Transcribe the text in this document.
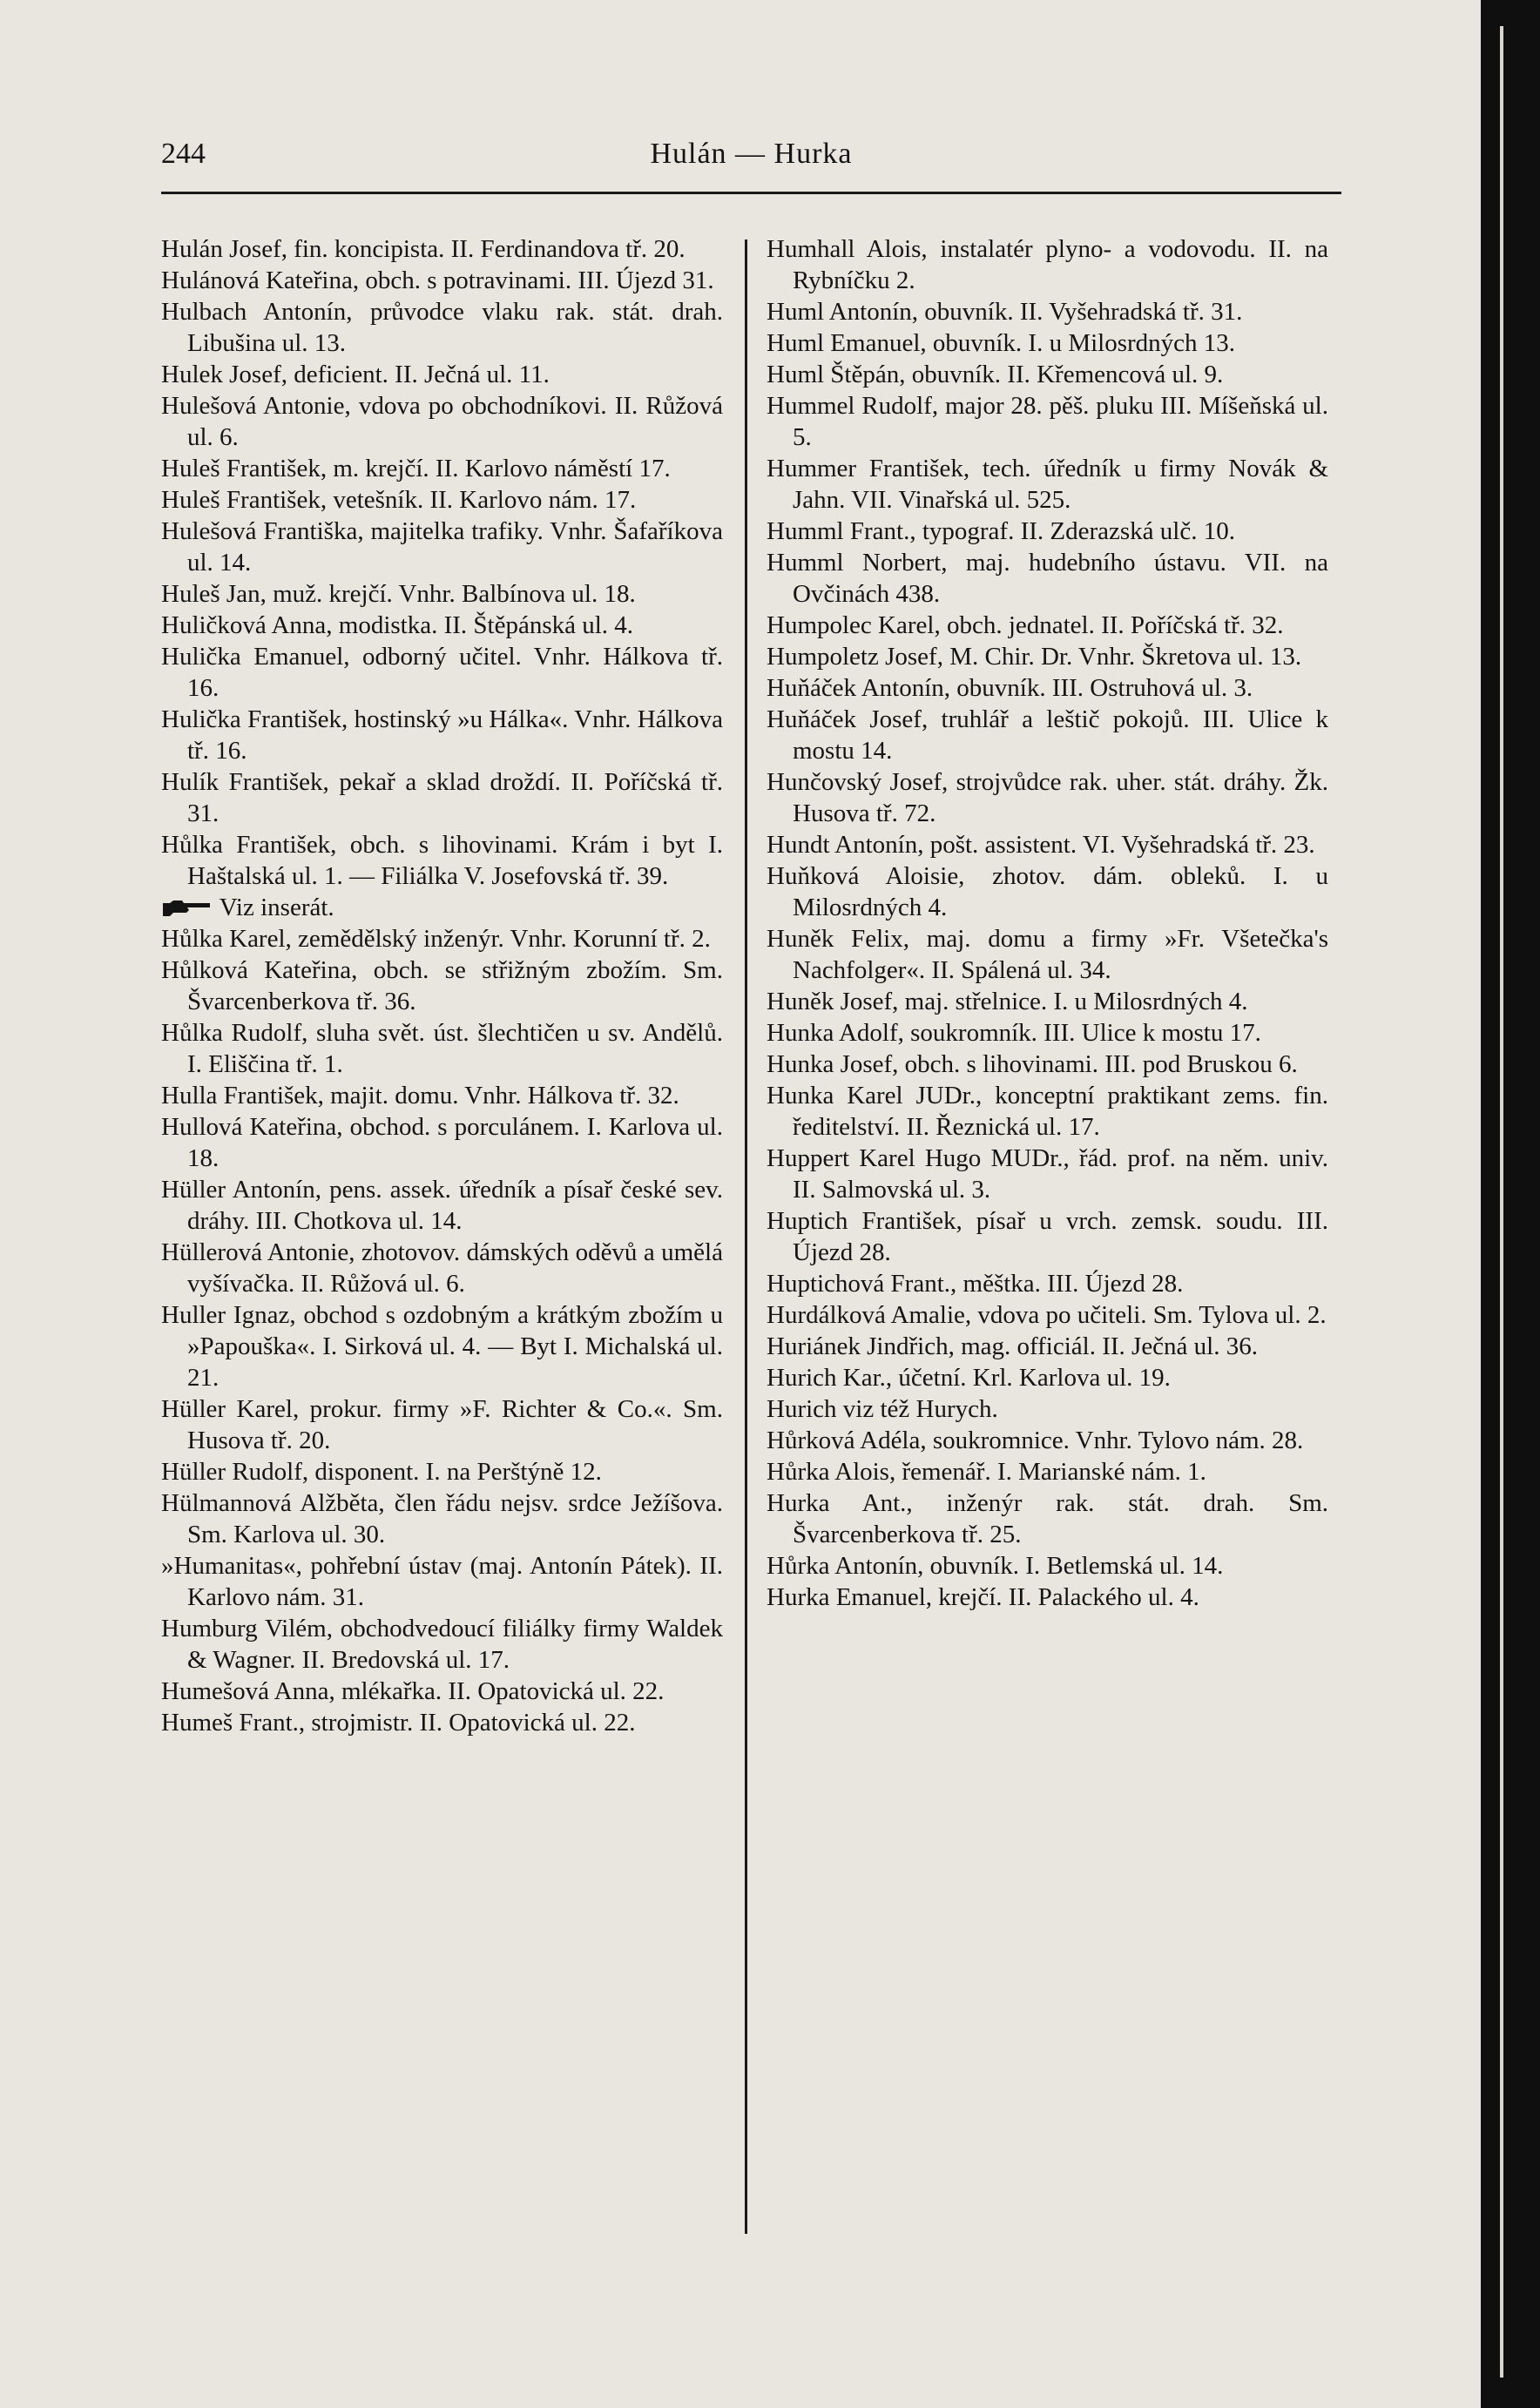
244	Hulán — Hurka

Hulán Josef, fin. koncipista. II. Ferdinandova tř. 20.

Hulánová Kateřina, obch. s potravinami. III. Újezd 31.

Hulbach Antonín, průvodce vlaku rak. stát. drah. Libušina ul. 13.

Hulek Josef, deficient. II. Ječná ul. 11.

Hulešová Antonie, vdova po obchodníkovi. II. Růžová ul. 6.

Huleš František, m. krejčí. II. Karlovo náměstí 17.

Huleš František, vetešník. II. Karlovo nám. 17.

Hulešová Františka, majitelka trafiky. Vnhr. Šafaříkova ul. 14.

Huleš Jan, muž. krejčí. Vnhr. Balbínova ul. 18.

Huličková Anna, modistka. II. Štěpánská ul. 4.

Hulička Emanuel, odborný učitel. Vnhr. Hálkova tř. 16.

Hulička František, hostinský »u Hálka«. Vnhr. Hálkova tř. 16.

Hulík František, pekař a sklad droždí. II. Poříčská tř. 31.

Hůlka František, obch. s lihovinami. Krám i byt I. Haštalská ul. 1. — Filiálka V. Josefovská tř. 39.

Viz inserát.

Hůlka Karel, zemědělský inženýr. Vnhr. Korunní tř. 2.

Hůlková Kateřina, obch. se střižným zbožím. Sm. Švarcenberkova tř. 36.

Hůlka Rudolf, sluha svět. úst. šlechtičen u sv. Andělů. I. Eliščina tř. 1.

Hulla František, majit. domu. Vnhr. Hálkova tř. 32.

Hullová Kateřina, obchod. s porculánem. I. Karlova ul. 18.

Hüller Antonín, pens. assek. úředník a písař české sev. dráhy. III. Chotkova ul. 14.

Hüllerová Antonie, zhotovov. dámských oděvů a umělá vyšívačka. II. Růžová ul. 6.

Huller Ignaz, obchod s ozdobným a krátkým zbožím u »Papouška«. I. Sirková ul. 4. — Byt I. Michalská ul. 21.

Hüller Karel, prokur. firmy »F. Richter & Co.«. Sm. Husova tř. 20.

Hüller Rudolf, disponent. I. na Perštýně 12.

Hülmannová Alžběta, člen řádu nejsv. srdce Ježíšova. Sm. Karlova ul. 30.

»Humanitas«, pohřební ústav (maj. Antonín Pátek). II. Karlovo nám. 31.

Humburg Vilém, obchodvedoucí filiálky firmy Waldek & Wagner. II. Bredovská ul. 17.

Humešová Anna, mlékařka. II. Opatovická ul. 22.

Humeš Frant., strojmistr. II. Opatovická ul. 22.

Humhall Alois, instalatér plyno- a vodovodu. II. na Rybníčku 2.

Huml Antonín, obuvník. II. Vyšehradská tř. 31.

Huml Emanuel, obuvník. I. u Milosrdných 13.

Huml Štěpán, obuvník. II. Křemencová ul. 9.

Hummel Rudolf, major 28. pěš. pluku III. Míšeňská ul. 5.

Hummer František, tech. úředník u firmy Novák & Jahn. VII. Vinařská ul. 525.

Humml Frant., typograf. II. Zderazská ulč. 10.

Humml Norbert, maj. hudebního ústavu. VII. na Ovčinách 438.

Humpolec Karel, obch. jednatel. II. Poříčská tř. 32.

Humpoletz Josef, M. Chir. Dr. Vnhr. Škretova ul. 13.

Huňáček Antonín, obuvník. III. Ostruhová ul. 3.

Huňáček Josef, truhlář a leštič pokojů. III. Ulice k mostu 14.

Hunčovský Josef, strojvůdce rak. uher. stát. dráhy. Žk. Husova tř. 72.

Hundt Antonín, pošt. assistent. VI. Vyšehradská tř. 23.

Huňková Aloisie, zhotov. dám. obleků. I. u Milosrdných 4.

Huněk Felix, maj. domu a firmy »Fr. Všetečka's Nachfolger«. II. Spálená ul. 34.

Huněk Josef, maj. střelnice. I. u Milosrdných 4.

Hunka Adolf, soukromník. III. Ulice k mostu 17.

Hunka Josef, obch. s lihovinami. III. pod Bruskou 6.

Hunka Karel JUDr., konceptní praktikant zems. fin. ředitelství. II. Řeznická ul. 17.

Huppert Karel Hugo MUDr., řád. prof. na něm. univ. II. Salmovská ul. 3.

Huptich František, písař u vrch. zemsk. soudu. III. Újezd 28.

Huptichová Frant., měštka. III. Újezd 28.

Hurdálková Amalie, vdova po učiteli. Sm. Tylova ul. 2.

Huriánek Jindřich, mag. officiál. II. Ječná ul. 36.

Hurich Kar., účetní. Krl. Karlova ul. 19.

Hurich viz též Hurych.

Hůrková Adéla, soukromnice. Vnhr. Tylovo nám. 28.

Hůrka Alois, řemenář. I. Marianské nám. 1.

Hurka Ant., inženýr rak. stát. drah. Sm. Švarcenberkova tř. 25.

Hůrka Antonín, obuvník. I. Betlemská ul. 14.

Hurka Emanuel, krejčí. II. Palackého ul. 4.
